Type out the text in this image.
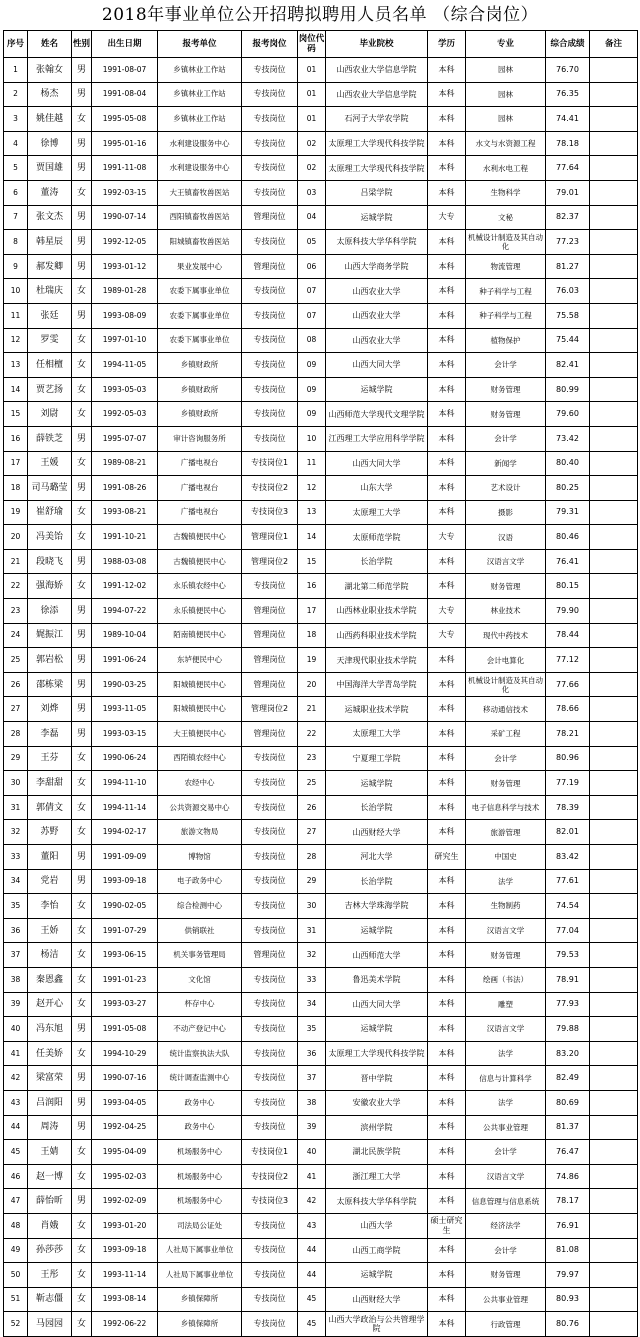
2018年事业单位公开招聘拟聘用人员名单 （综合岗位）
序号	姓名	性别	出生日期	报考单位	报考岗位	岗位代码	毕业院校	学历	专业	综合成绩	备注
1	张翰女	男	1991-08-07	乡镇林业工作站	专技岗位	01	山西农业大学信息学院	本科	园林	76.70	
2	杨杰	男	1991-08-04	乡镇林业工作站	专技岗位	01	山西农业大学信息学院	本科	园林	76.35	
3	姚佳越	女	1995-05-08	乡镇林业工作站	专技岗位	01	石河子大学农学院	本科	园林	74.41	
4	徐博	男	1995-01-16	水利建设服务中心	专技岗位	02	太原理工大学现代科技学院	本科	水文与水资源工程	78.18	
5	贾国雄	男	1991-11-08	水利建设服务中心	专技岗位	02	太原理工大学现代科技学院	本科	水利水电工程	77.64	
6	董涛	女	1992-03-15	大王镇畜牧兽医站	专技岗位	03	吕梁学院	本科	生物科学	79.01	
7	张文杰	男	1990-07-14	西阳镇畜牧兽医站	管理岗位	04	运城学院	大专	文秘	82.37	
8	韩星辰	男	1992-12-05	阳城镇畜牧兽医站	专技岗位	05	太原科技大学华科学院	本科	机械设计制造及其自动化	77.23	
9	郝发卿	男	1993-01-12	果业发展中心	管理岗位	06	山西大学商务学院	本科	物流管理	81.27	
10	杜瑞庆	女	1989-01-28	农委下属事业单位	专技岗位	07	山西农业大学	本科	种子科学与工程	76.03	
11	张廷	男	1993-08-09	农委下属事业单位	专技岗位	07	山西农业大学	本科	种子科学与工程	75.58	
12	罗雯	女	1997-01-10	农委下属事业单位	专技岗位	08	山西农业大学	本科	植物保护	75.44	
13	任相檀	女	1994-11-05	乡镇财政所	专技岗位	09	山西大同大学	本科	会计学	82.41	
14	贾艺扬	女	1993-05-03	乡镇财政所	专技岗位	09	运城学院	本科	财务管理	80.99	
15	刘尉	女	1992-05-03	乡镇财政所	专技岗位	09	山西师范大学现代文理学院	本科	财务管理	79.60	
16	薛铁芝	男	1995-07-07	审计咨询服务所	专技岗位	10	江西理工大学应用科学学院	本科	会计学	73.42	
17	王媛	女	1989-08-21	广播电视台	专技岗位1	11	山西大同大学	本科	新闻学	80.40	
18	司马璐莹	男	1991-08-26	广播电视台	专技岗位2	12	山东大学	本科	艺术设计	80.25	
19	崔舒瑜	女	1993-08-21	广播电视台	专技岗位3	13	太原理工大学	本科	摄影	79.31	
20	冯美饴	女	1991-10-21	古魏镇便民中心	管理岗位1	14	太原师范学院	大专	汉语	80.46	
21	段晓飞	男	1988-03-08	古魏镇便民中心	管理岗位2	15	长治学院	本科	汉语言文学	76.41	
22	强海娇	女	1991-12-02	永乐镇农经中心	专技岗位	16	湖北第二师范学院	本科	财务管理	80.15	
23	徐添	男	1994-07-22	永乐镇便民中心	管理岗位	17	山西林业职业技术学院	大专	林业技术	79.90	
24	娓振江	男	1989-10-04	陌南镇便民中心	管理岗位	18	山西药科职业技术学院	大专	现代中药技术	78.44	
25	郭岩松	男	1991-06-24	东垆便民中心	管理岗位	19	天津现代职业技术学院	本科	会计电算化	77.12	
26	邵栋梁	男	1990-03-25	阳城镇便民中心	管理岗位	20	中国海洋大学青岛学院	本科	机械设计制造及其自动化	77.66	
27	刘烨	男	1993-11-05	阳城镇便民中心	管理岗位2	21	运城职业技术学院	本科	移动通信技术	78.66	
28	李磊	男	1993-03-15	大王镇便民中心	管理岗位	22	太原理工大学	本科	采矿工程	78.21	
29	王芬	女	1990-06-24	西陌镇农经中心	专技岗位	23	宁夏理工学院	本科	会计学	80.96	
30	李甜甜	女	1994-11-10	农经中心	专技岗位	25	运城学院	本科	财务管理	77.19	
31	郭倩文	女	1994-11-14	公共资源交易中心	专技岗位	26	长治学院	本科	电子信息科学与技术	78.39	
32	苏野	女	1994-02-17	旅游文物局	专技岗位	27	山西财经大学	本科	旅游管理	82.01	
33	董阳	男	1991-09-09	博物馆	专技岗位	28	河北大学	研究生	中国史	83.42	
34	党岩	男	1993-09-18	电子政务中心	专技岗位	29	长治学院	本科	法学	77.61	
35	李怡	女	1990-02-05	综合检测中心	专技岗位	30	吉林大学珠海学院	本科	生物制药	74.54	
36	王娇	女	1991-07-29	供销联社	专技岗位	31	运城学院	本科	汉语言文学	77.04	
37	杨洁	女	1993-06-15	机关事务管理局	管理岗位	32	山西师范大学	本科	财务管理	79.53	
38	秦恩鑫	女	1991-01-23	文化馆	专技岗位	33	鲁迅美术学院	本科	绘画（书法）	78.91	
39	赵开心	女	1993-03-27	杯存中心	专技岗位	34	山西大同大学	本科	雕塑	77.93	
40	冯东旭	男	1991-05-08	不动产登记中心	专技岗位	35	运城学院	本科	汉语言文学	79.88	
41	任美娇	女	1994-10-29	统计监察执法大队	专技岗位	36	太原理工大学现代科技学院	本科	法学	83.20	
42	梁富荣	男	1990-07-16	统计调查监测中心	专技岗位	37	晋中学院	本科	信息与计算科学	82.49	
43	吕润阳	男	1993-04-05	政务中心	专技岗位	38	安徽农业大学	本科	法学	80.69	
44	周涛	男	1992-04-25	政务中心	专技岗位	39	滨州学院	本科	公共事业管理	81.37	
45	王婧	女	1995-04-09	机场服务中心	专技岗位1	40	湖北民族学院	本科	会计学	76.47	
46	赵一博	女	1995-02-03	机场服务中心	专技岗位2	41	浙江理工大学	本科	汉语言文学	74.86	
47	薛怡昕	男	1992-02-09	机场服务中心	专技岗位3	42	太原科技大学华科学院	本科	信息管理与信息系统	78.17	
48	肖娥	女	1993-01-20	司法局公证处	专技岗位	43	山西大学	硕士研究生	经济法学	76.91	
49	孙莎莎	女	1993-09-18	人社局下属事业单位	专技岗位	44	山西工商学院	本科	会计学	81.08	
50	王彤	女	1993-11-14	人社局下属事业单位	专技岗位	44	运城学院	本科	财务管理	79.97	
51	靳志僵	女	1993-08-14	乡镇保障所	专技岗位	45	山西财经大学	本科	公共事业管理	80.93	
52	马园园	女	1992-06-22	乡镇保障所	专技岗位	45	山西大学政治与公共管理学院	本科	行政管理	80.76	
